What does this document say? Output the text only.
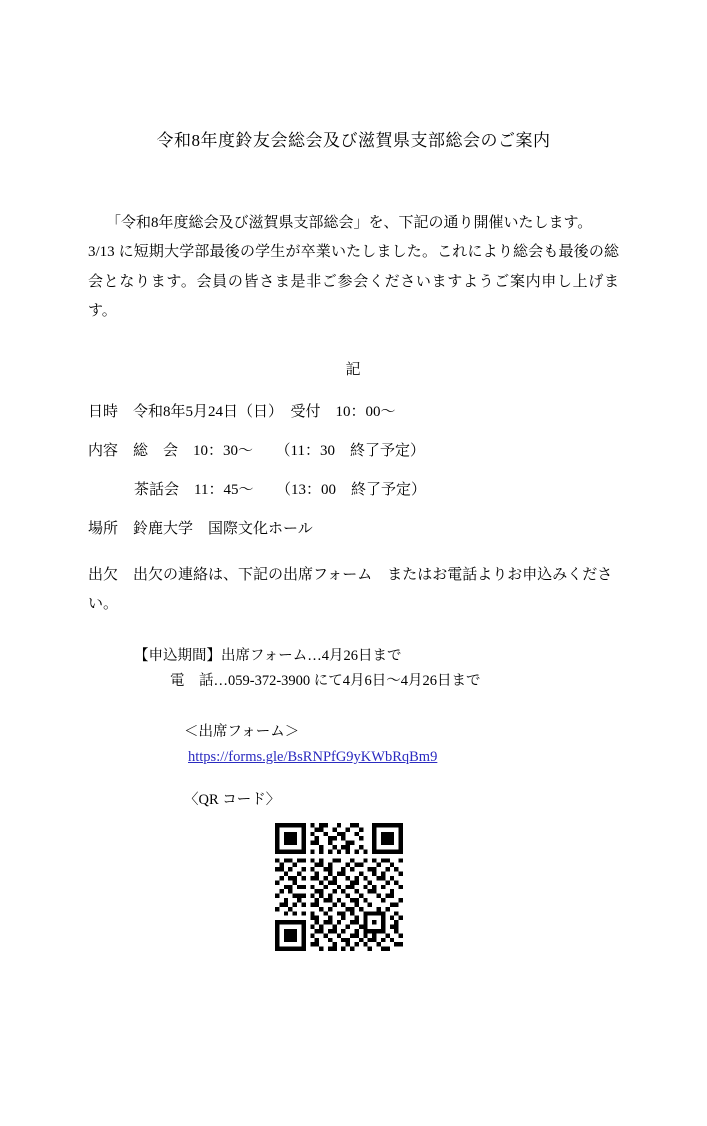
令和8年度鈴友会総会及び滋賀県支部総会のご案内
「令和8年度総会及び滋賀県支部総会」を、下記の通り開催いたします。
3/13 に短期大学部最後の学生が卒業いたしました。これにより総会も最後の総会となります。会員の皆さま是非ご参会くださいますようご案内申し上げます。
記
日時　 令和8年5月24日（日）　受付　10：00～
内容　 総　会　10：30～　　（11：30　終了予定）
茶話会　11：45～　　（13：00　終了予定）
場所　 鈴鹿大学　国際文化ホール
出欠　 出欠の連絡は、下記の出席フォーム　またはお電話よりお申込みください。
【申込期間】出席フォーム…4月26日まで
電　話…059-372-3900 にて4月6日～4月26日まで
＜出席フォーム＞
https://forms.gle/BsRNPfG9yKWbRqBm9
〈QR コード〉
